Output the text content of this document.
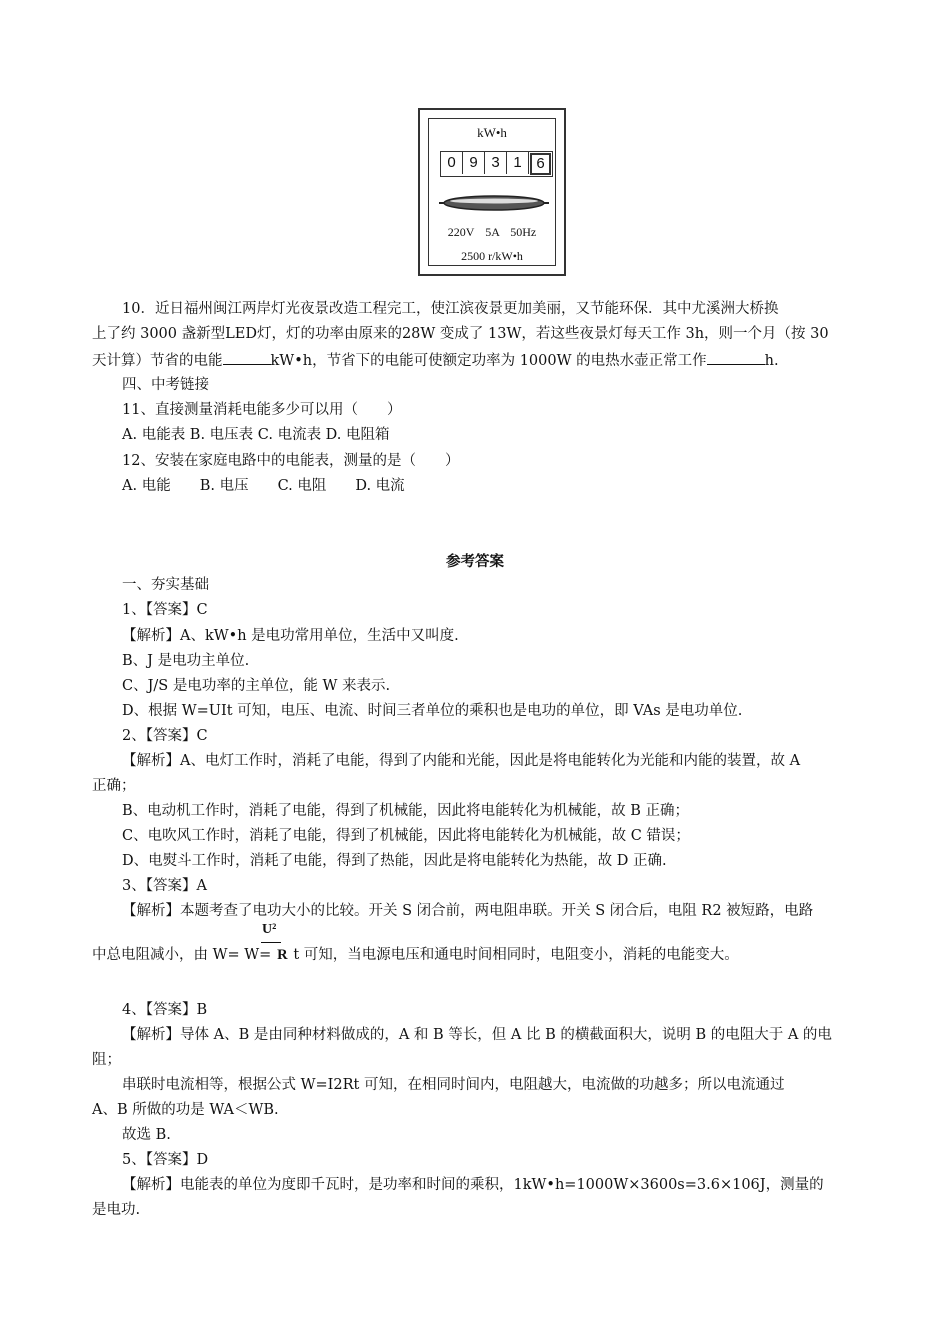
kW•h
0 9 3 1 6
220V 5A 50Hz
2500 r/kW•h
10．近日福州闽江两岸灯光夜景改造工程完工，使江滨夜景更加美丽，又节能环保．其中尤溪洲大桥换
上了约 3000 盏新型LED灯，灯的功率由原来的28W 变成了 13W，若这些夜景灯每天工作 3h，则一个月（按 30
天计算）节省的电能	kW•h，节省下的电能可使额定功率为 1000W 的电热水壶正常工作	h.
四、中考链接
11、直接测量消耗电能多少可以用（　　）
A. 电能表 B. 电压表 C. 电流表 D. 电阻箱
12、安装在家庭电路中的电能表，测量的是（　　）
A. 电能　　B. 电压　　C. 电阻　　D. 电流
参考答案
一、夯实基础
1、【答案】C
【解析】A、kW•h 是电功常用单位，生活中又叫度.
B、J 是电功主单位.
C、J/S 是电功率的主单位，能 W 来表示.
D、根据 W=UIt 可知，电压、电流、时间三者单位的乘积也是电功的单位，即 VAs 是电功单位.
2、【答案】C
【解析】A、电灯工作时，消耗了电能，得到了内能和光能，因此是将电能转化为光能和内能的装置，故 A
正确；
B、电动机工作时，消耗了电能，得到了机械能，因此将电能转化为机械能，故 B 正确；
C、电吹风工作时，消耗了电能，得到了机械能，因此将电能转化为机械能，故 C 错误；
D、电熨斗工作时，消耗了电能，得到了热能，因此是将电能转化为热能，故 D 正确.
3、【答案】A
【解析】本题考查了电功大小的比较。开关 S 闭合前，两电阻串联。开关 S 闭合后，电阻 R2 被短路，电路
U²
中总电阻减小，由 W= W= R t 可知，当电源电压和通电时间相同时，电阻变小，消耗的电能变大。
4、【答案】B
【解析】导体 A、B 是由同种材料做成的，A 和 B 等长，但 A 比 B 的横截面积大，说明 B 的电阻大于 A 的电
阻；
串联时电流相等，根据公式 W=I2Rt 可知，在相同时间内，电阻越大，电流做的功越多；所以电流通过
A、B 所做的功是 WA＜WB.
故选 B.
5、【答案】D
【解析】电能表的单位为度即千瓦时，是功率和时间的乘积，1kW•h=1000W×3600s=3.6×106J，测量的
是电功.
